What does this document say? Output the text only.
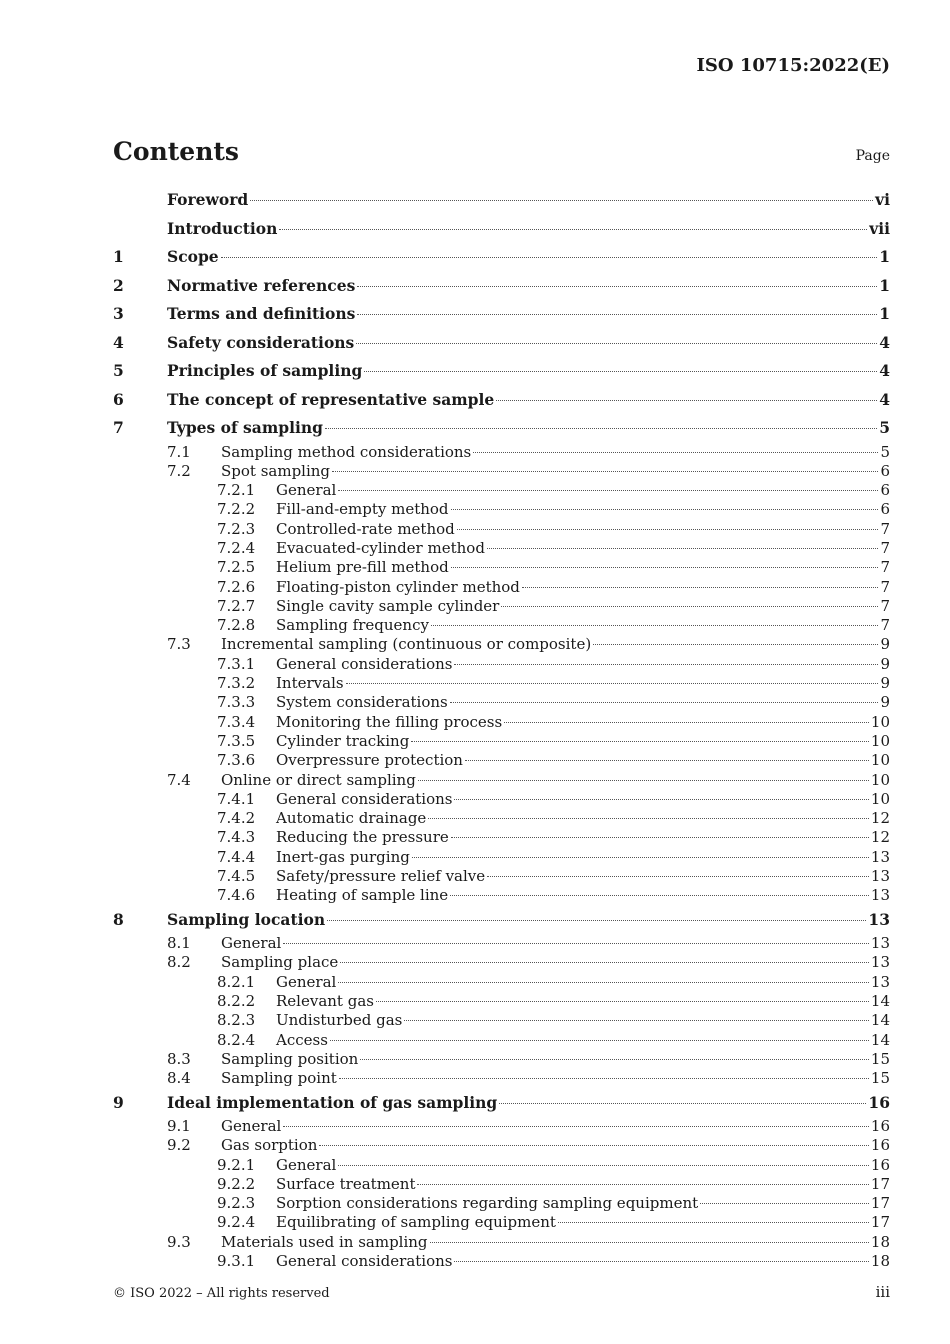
ISO 10715:2022(E)
Contents	Page
Foreword	vi
Introduction	vii
1	Scope	1
2	Normative references	1
3	Terms and definitions	1
4	Safety considerations	4
5	Principles of sampling	4
6	The concept of representative sample	4
7	Types of sampling	5
7.1	Sampling method considerations	5
7.2	Spot sampling	6
7.2.1	General	6
7.2.2	Fill-and-empty method	6
7.2.3	Controlled-rate method	7
7.2.4	Evacuated-cylinder method	7
7.2.5	Helium pre-fill method	7
7.2.6	Floating-piston cylinder method	7
7.2.7	Single cavity sample cylinder	7
7.2.8	Sampling frequency	7
7.3	Incremental sampling (continuous or composite)	9
7.3.1	General considerations	9
7.3.2	Intervals	9
7.3.3	System considerations	9
7.3.4	Monitoring the filling process	10
7.3.5	Cylinder tracking	10
7.3.6	Overpressure protection	10
7.4	Online or direct sampling	10
7.4.1	General considerations	10
7.4.2	Automatic drainage	12
7.4.3	Reducing the pressure	12
7.4.4	Inert-gas purging	13
7.4.5	Safety/pressure relief valve	13
7.4.6	Heating of sample line	13
8	Sampling location	13
8.1	General	13
8.2	Sampling place	13
8.2.1	General	13
8.2.2	Relevant gas	14
8.2.3	Undisturbed gas	14
8.2.4	Access	14
8.3	Sampling position	15
8.4	Sampling point	15
9	Ideal implementation of gas sampling	16
9.1	General	16
9.2	Gas sorption	16
9.2.1	General	16
9.2.2	Surface treatment	17
9.2.3	Sorption considerations regarding sampling equipment	17
9.2.4	Equilibrating of sampling equipment	17
9.3	Materials used in sampling	18
9.3.1	General considerations	18
© ISO 2022 – All rights reserved	iii
